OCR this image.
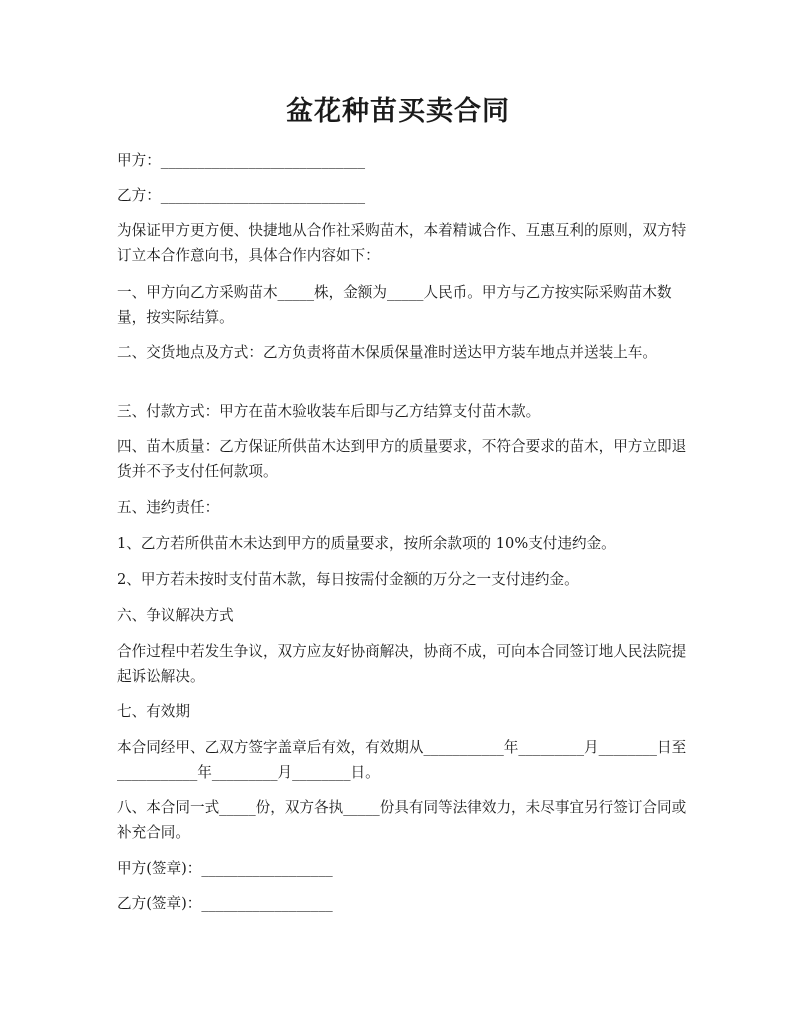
盆花种苗买卖合同
甲方：____________________________
乙方：____________________________
为保证甲方更方便、快捷地从合作社采购苗木，本着精诚合作、互惠互利的原则，双方特订立本合作意向书，具体合作内容如下：
一、甲方向乙方采购苗木_____株，金额为_____人民币。甲方与乙方按实际采购苗木数量，按实际结算。
二、交货地点及方式：乙方负责将苗木保质保量准时送达甲方装车地点并送装上车。
三、付款方式：甲方在苗木验收装车后即与乙方结算支付苗木款。
四、苗木质量：乙方保证所供苗木达到甲方的质量要求，不符合要求的苗木，甲方立即退货并不予支付任何款项。
五、违约责任：
1、乙方若所供苗木未达到甲方的质量要求，按所余款项的 10%支付违约金。
2、甲方若未按时支付苗木款，每日按需付金额的万分之一支付违约金。
六、争议解决方式
合作过程中若发生争议，双方应友好协商解决，协商不成，可向本合同签订地人民法院提起诉讼解决。
七、有效期
本合同经甲、乙双方签字盖章后有效，有效期从___________年_________月________日至___________年_________月________日。
八、本合同一式_____份，双方各执_____份具有同等法律效力，未尽事宜另行签订合同或补充合同。
甲方(签章)：__________________
乙方(签章)：__________________
